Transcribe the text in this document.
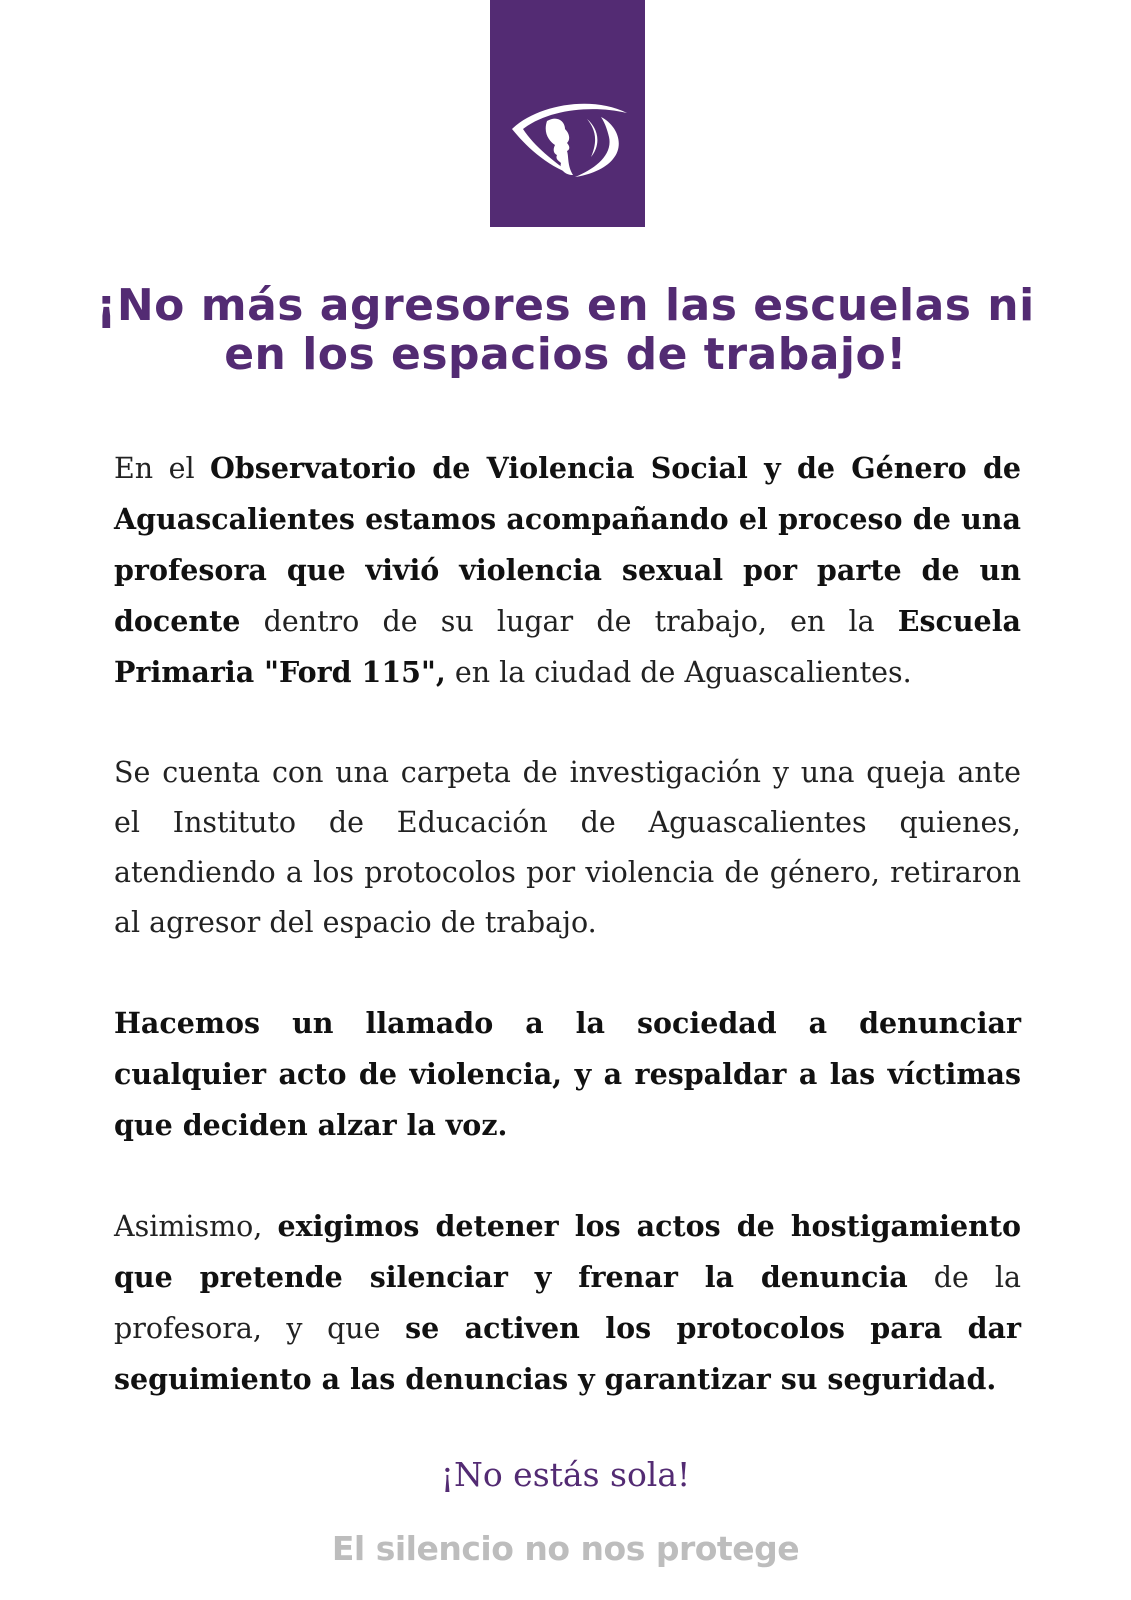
¡No más agresores en las escuelas ni
en los espacios de trabajo!

En el Observatorio de Violencia Social y de Género de Aguascalientes estamos acompañando el proceso de una profesora que vivió violencia sexual por parte de un docente dentro de su lugar de trabajo, en la Escuela Primaria "Ford 115", en la ciudad de Aguascalientes.

Se cuenta con una carpeta de investigación y una queja ante el Instituto de Educación de Aguascalientes quienes, atendiendo a los protocolos por violencia de género, retiraron al agresor del espacio de trabajo.

Hacemos un llamado a la sociedad a denunciar cualquier acto de violencia, y a respaldar a las víctimas que deciden alzar la voz.

Asimismo, exigimos detener los actos de hostigamiento que pretende silenciar y frenar la denuncia de la profesora, y que se activen los protocolos para dar seguimiento a las denuncias y garantizar su seguridad.

¡No estás sola!

El silencio no nos protege
